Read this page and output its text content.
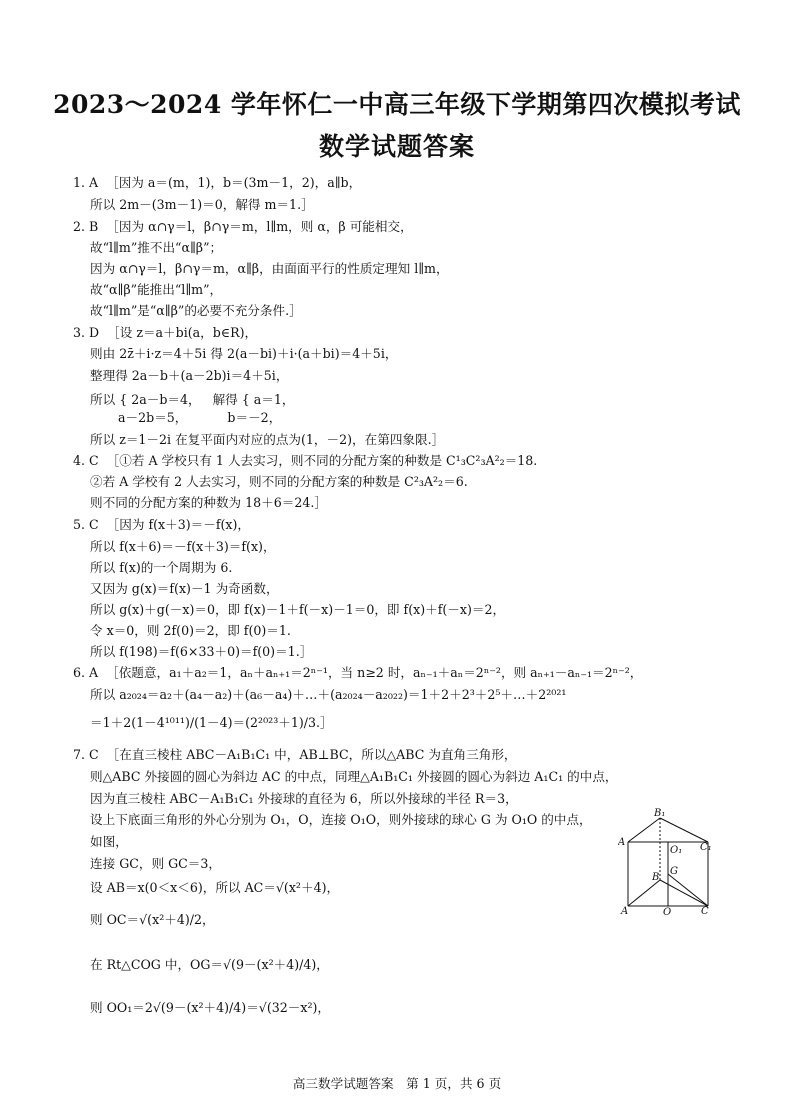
2023～2024 学年怀仁一中高三年级下学期第四次模拟考试
数学试题答案
1. A  ［因为 a＝(m，1)，b＝(3m－1，2)，a∥b，
所以 2m－(3m－1)＝0，解得 m＝1.］
2. B  ［因为 α∩γ＝l，β∩γ＝m，l∥m，则 α，β 可能相交，
故“l∥m”推不出“α∥β”；
因为 α∩γ＝l，β∩γ＝m，α∥β，由面面平行的性质定理知 l∥m，
故“α∥β”能推出“l∥m”，
故“l∥m”是“α∥β”的必要不充分条件.］
3. D  ［设 z＝a＋bi(a，b∈R)，
则由 2z̄＋i·z＝4＋5i 得 2(a－bi)＋i·(a＋bi)＝4＋5i，
整理得 2a－b＋(a－2b)i＝4＋5i，
所以 { 2a－b＝4，   解得 { a＝1，
a－2b＝5，          b＝－2，
所以 z＝1－2i 在复平面内对应的点为(1，－2)，在第四象限.］
4. C  ［①若 A 学校只有 1 人去实习，则不同的分配方案的种数是 C¹₃C²₃A²₂＝18.
②若 A 学校有 2 人去实习，则不同的分配方案的种数是 C²₃A²₂＝6.
则不同的分配方案的种数为 18＋6＝24.］
5. C  ［因为 f(x＋3)＝－f(x)，
所以 f(x＋6)＝－f(x＋3)＝f(x)，
所以 f(x)的一个周期为 6.
又因为 g(x)＝f(x)－1 为奇函数，
所以 g(x)＋g(－x)＝0，即 f(x)－1＋f(－x)－1＝0，即 f(x)＋f(－x)＝2，
令 x＝0，则 2f(0)＝2，即 f(0)＝1.
所以 f(198)＝f(6×33＋0)＝f(0)＝1.］
6. A  ［依题意，a₁＋a₂＝1，aₙ＋aₙ₊₁＝2ⁿ⁻¹，当 n≥2 时，aₙ₋₁＋aₙ＝2ⁿ⁻²，则 aₙ₊₁－aₙ₋₁＝2ⁿ⁻²，
所以 a₂₀₂₄＝a₂＋(a₄－a₂)＋(a₆－a₄)＋…＋(a₂₀₂₄－a₂₀₂₂)＝1＋2＋2³＋2⁵＋…＋2²⁰²¹
＝1＋2(1－4¹⁰¹¹)/(1－4)＝(2²⁰²³＋1)/3.］
7. C  ［在直三棱柱 ABC－A₁B₁C₁ 中，AB⊥BC，所以△ABC 为直角三角形，
则△ABC 外接圆的圆心为斜边 AC 的中点，同理△A₁B₁C₁ 外接圆的圆心为斜边 A₁C₁ 的中点，
因为直三棱柱 ABC－A₁B₁C₁ 外接球的直径为 6，所以外接球的半径 R＝3，
设上下底面三角形的外心分别为 O₁，O，连接 O₁O，则外接球的球心 G 为 O₁O 的中点，
如图，
连接 GC，则 GC＝3，
设 AB＝x(0＜x＜6)，所以 AC＝√(x²＋4)，
则 OC＝√(x²＋4)/2，
在 Rt△COG 中，OG＝√(9－(x²＋4)/4)，
则 OO₁＝2√(9－(x²＋4)/4)＝√(32－x²)，
B₁
A	C₁
O₁
G
B
A	O	C
高三数学试题答案　第 1 页，共 6 页
